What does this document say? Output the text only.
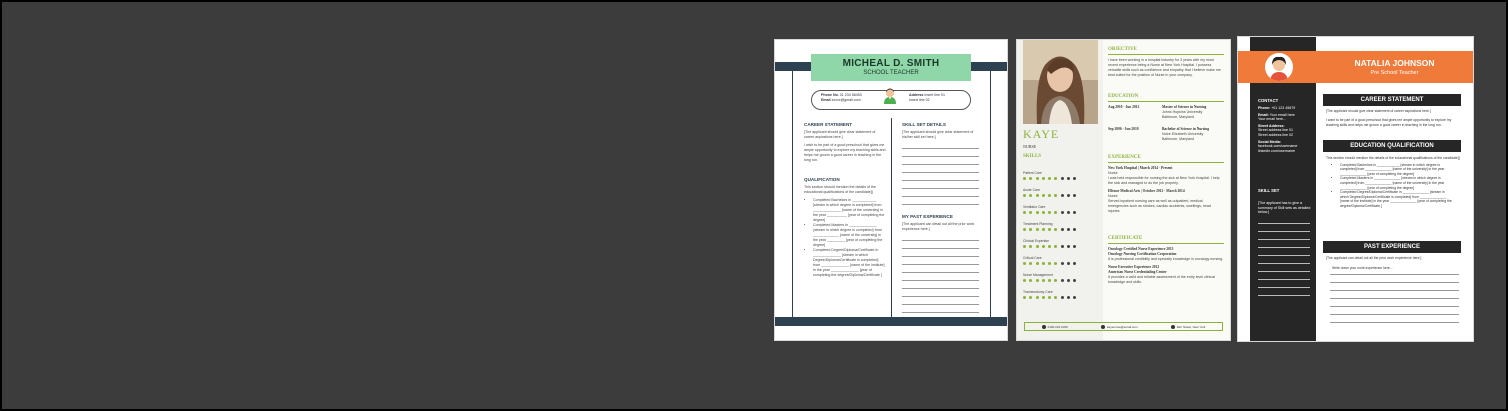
MICHEAL D. SMITH
SCHOOL TEACHER
Phone No. 01 234 56453
Email xxxxx@gmail.com
Address Insert line 01
Insert line 02
CAREER STATEMENT
[The applicant should give clear statement of career aspirations here.]
I wish to be part of a good preschool that gives me ample opportunity to explore my teaching skills and helps me groom a good career in teaching in the long run.
QUALIFICATION
This section should mention the details of the educational qualifications of the candidate]]
• Completed Bachelors in ____________ [stream in which degree is completed] from ______________ [name of the university] in the year __________ [year of completing the degree]
• Completed Masters in ______________ (stream in which degree is completed) from _____________ [name of the university] in the year _________ [year of completing the degree]
• Completed Degree/Diploma/Certificate in ______________ [stream in which Degree/Diploma/Certificate is completed] from ______________ [name of the institute] in the year ______________ [year of completing the degree/Diploma/Certificate ]
SKILL SET DETAILS
[The applicant should give clear statement of his/her skill set here.]
MY PAST EXPERIENCE
[The applicant can detail out all the prior work experience here.]
KAYE
NURSE
SKILLS
Patient Care
Acute Care
Ventilator Care
Treatment Planning
Clinical Expertise
Critical Care
Nurse Management
Tracheostomy Care
OBJECTIVE
I have been working in a hospital industry for 3 years with my most recent experience being a Nurse at New York Hospital. I possess versatile skills such as confidence and empathy that I believe make me best suited for the position of Nurse in your company.
EDUCATION
Aug 2010 - Jun 2012	Master of Science in Nursing
Johns Hopkins University
Baltimore, Maryland
Sep 2006 - Jun 2010	Bachelor of Science in Nursing
Notre Elizabeth University
Baltimore, Maryland
EXPERIENCE
New York Hospital | March 2014 - Present
Nurse
I was held responsible for nursing the sick at New York Hospital. I help the sick and managed to do the job properly.
Ellenor Medical Arts | October 2012 - March 2014
Nurse
Served inpatient nursing care as well as outpatient, medical emergencies such as strokes, cardiac accidents, swellings, head injuries.
CERTIFICATE
Oncology Certified Nurse Experience 2013
Oncology Nursing Certification Corporation
It is professional credibility and specialty knowledge in oncology nursing.
Nurse Executive Experience 2012
American Nurse Credentialing Center
It provides a valid and reliable assessment of the entry level clinical knowledge and skills.
0100 224 1000	kayenurse@email.com	Elm Street, New York
NATALIA JOHNSON
Pre School Teacher
CONTACT
Phone: +01 123 45679
Email: Your email here
Your email here...
Street Address:
Street address line 01
Street address line 02
Social Media:
facebook.com/username
linkedin.com/username
SKILL SET
[The applicant has to give a summary of Skill sets as detailed below.]
CAREER STATEMENT
[The applicant should give clear statement of career aspirations here.]
I want to be part of a good preschool that gives me ample opportunity to explore my teaching skills and helps me groom a good career in teaching in the long run.
EDUCATION QUALIFICATION
This section should mention the details of the educational qualifications of the candidate]]
• Completed Bachelors in ____________ [stream in which degree is completed] from ______________ [name of the university] in the year ______________ [year of completing the degree]
• Completed Masters in ______________ [stream in which degree is completed] from ______________ [name of the university] in the year ______________ [year of completing the degree]
• Completed Degree/Diploma/Certificate in ______________ [stream in which Degree/Diploma/Certificate is completed] from ______________ [name of the institute] in the year ______________ [year of completing the degree/Diploma/Certificate ]
PAST EXPERIENCE
[The applicant can detail out all the prior work experience here.]
Write down your work experience here...
